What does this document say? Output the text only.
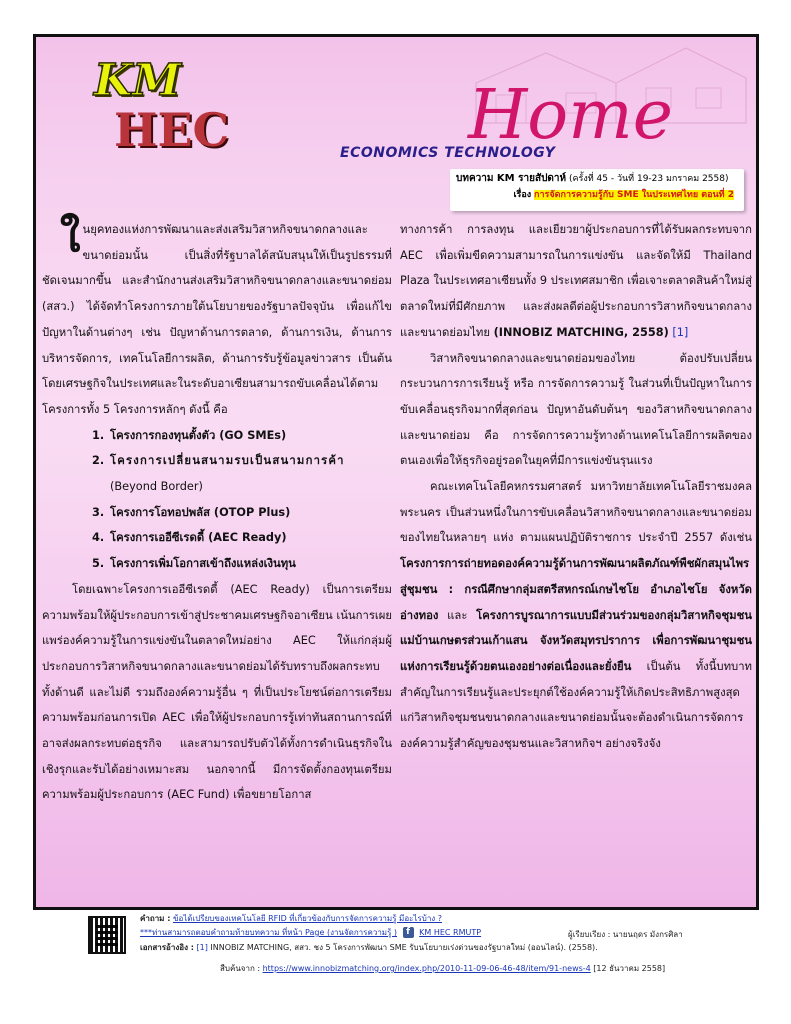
KM
HEC	Home
ECONOMICS TECHNOLOGY
บทความ KM รายสัปดาห์ (ครั้งที่ 45 - วันที่ 19-23 มกราคม 2558)
เรื่อง การจัดการความรู้กับ SME ในประเทศไทย ตอนที่ 2

ในยุคทองแห่งการพัฒนาและส่งเสริมวิสาหกิจขนาดกลางและขนาดย่อมนั้น เป็นสิ่งที่รัฐบาลได้สนับสนุนให้เป็นรูปธรรมที่ชัดเจนมากขึ้น และสำนักงานส่งเสริมวิสาหกิจขนาดกลางและขนาดย่อม (สสว.) ได้จัดทำโครงการภายใต้นโยบายของรัฐบาลปัจจุบัน เพื่อแก้ไขปัญหาในด้านต่างๆ เช่น ปัญหาด้านการตลาด, ด้านการเงิน, ด้านการบริหารจัดการ, เทคโนโลยีการผลิต, ด้านการรับรู้ข้อมูลข่าวสาร เป็นต้น โดยเศรษฐกิจในประเทศและในระดับอาเซียนสามารถขับเคลื่อนได้ตามโครงการทั้ง 5 โครงการหลักๆ ดังนี้ คือ

1. โครงการกองทุนตั้งตัว (GO SMEs)
2. โครงการเปลี่ยนสนามรบเป็นสนามการค้า
(Beyond Border)
3. โครงการโอทอปพลัส (OTOP Plus)
4. โครงการเออีซีเรดดี้ (AEC Ready)
5. โครงการเพิ่มโอกาสเข้าถึงแหล่งเงินทุน

โดยเฉพาะโครงการเออีซีเรดดี้ (AEC Ready) เป็นการเตรียมความพร้อมให้ผู้ประกอบการเข้าสู่ประชาคมเศรษฐกิจอาเซียน เน้นการเผยแพร่องค์ความรู้ในการแข่งขันในตลาดใหม่อย่าง AEC ให้แก่กลุ่มผู้ประกอบการวิสาหกิจขนาดกลางและขนาดย่อมได้รับทราบถึงผลกระทบทั้งด้านดี และไม่ดี รวมถึงองค์ความรู้อื่น ๆ ที่เป็นประโยชน์ต่อการเตรียมความพร้อมก่อนการเปิด AEC เพื่อให้ผู้ประกอบการรู้เท่าทันสถานการณ์ที่อาจส่งผลกระทบต่อธุรกิจ และสามารถปรับตัวได้ทั้งการดำเนินธุรกิจในเชิงรุกและรับได้อย่างเหมาะสม นอกจากนี้ มีการจัดตั้งกองทุนเตรียมความพร้อมผู้ประกอบการ (AEC Fund) เพื่อขยายโอกาส

ทางการค้า การลงทุน และเยียวยาผู้ประกอบการที่ได้รับผลกระทบจาก AEC เพื่อเพิ่มขีดความสามารถในการแข่งขัน และจัดให้มี Thailand Plaza ในประเทศอาเซียนทั้ง 9 ประเทศสมาชิก เพื่อเจาะตลาดสินค้าใหม่สู่ตลาดใหม่ที่มีศักยภาพ และส่งผลดีต่อผู้ประกอบการวิสาหกิจขนาดกลางและขนาดย่อมไทย (INNOBIZ MATCHING, 2558) [1]

วิสาหกิจขนาดกลางและขนาดย่อมของไทย ต้องปรับเปลี่ยนกระบวนการการเรียนรู้ หรือ การจัดการความรู้ ในส่วนที่เป็นปัญหาในการขับเคลื่อนธุรกิจมากที่สุดก่อน ปัญหาอันดับต้นๆ ของวิสาหกิจขนาดกลางและขนาดย่อม คือ การจัดการความรู้ทางด้านเทคโนโลยีการผลิตของตนเองเพื่อให้ธุรกิจอยู่รอดในยุคที่มีการแข่งขันรุนแรง

คณะเทคโนโลยีคหกรรมศาสตร์ มหาวิทยาลัยเทคโนโลยีราชมงคลพระนคร เป็นส่วนหนึ่งในการขับเคลื่อนวิสาหกิจขนาดกลางและขนาดย่อมของไทยในหลายๆ แห่ง ตามแผนปฏิบัติราชการ ประจำปี 2557 ดังเช่น โครงการการถ่ายทอดองค์ความรู้ด้านการพัฒนาผลิตภัณฑ์พืชผักสมุนไพรสู่ชุมชน : กรณีศึกษากลุ่มสตรีสหกรณ์เกษไชโย อำเภอไชโย จังหวัดอ่างทอง และ โครงการบูรณาการแบบมีส่วนร่วมของกลุ่มวิสาหกิจชุมชนแม่บ้านเกษตรส่วนเก้าแสน จังหวัดสมุทรปราการ เพื่อการพัฒนาชุมชนแห่งการเรียนรู้ด้วยตนเองอย่างต่อเนื่องและยั่งยืน เป็นต้น ทั้งนี้บทบาทสำคัญในการเรียนรู้และประยุกต์ใช้องค์ความรู้ให้เกิดประสิทธิภาพสูงสุดแก่วิสาหกิจชุมชนขนาดกลางและขนาดย่อมนั้นจะต้องดำเนินการจัดการองค์ความรู้สำคัญของชุมชนและวิสาหกิจฯ อย่างจริงจัง

คำถาม : ข้อได้เปรียบของเทคโนโลยี RFID ที่เกี่ยวข้องกับการจัดการความรู้ มีอะไรบ้าง ?
***ท่านสามารถตอบคำถามท้ายบทความ ที่หน้า Page (งานจัดการความรู้ ) f KM HEC RMUTP	ผู้เรียบเรียง : นายนฤดร มังกรศิลา
เอกสารอ้างอิง : [1] INNOBIZ MATCHING, สสว. ชง 5 โครงการพัฒนา SME รับนโยบายเร่งด่วนของรัฐบาลใหม่ (ออนไลน์). (2558).
สืบค้นจาก : https://www.innobizmatching.org/index.php/2010-11-09-06-46-48/item/91-news-4 [12 ธันวาคม 2558]
